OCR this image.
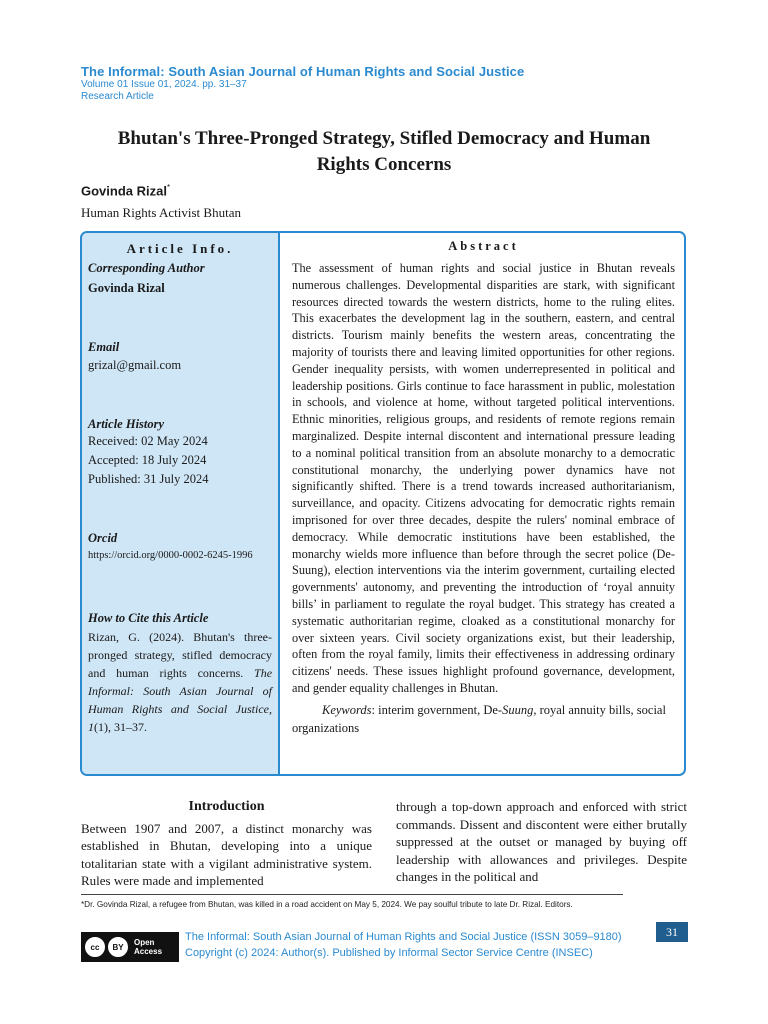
The Informal: South Asian Journal of Human Rights and Social Justice
Volume 01 Issue 01, 2024. pp. 31–37
Research Article
Bhutan's Three-Pronged Strategy, Stifled Democracy and Human Rights Concerns
Govinda Rizal*
Human Rights Activist Bhutan
Article Info.
Corresponding Author
Govinda Rizal
Email
grizal@gmail.com
Article History
Received: 02 May 2024
Accepted: 18 July 2024
Published: 31 July 2024
Orcid
https://orcid.org/0000-0002-6245-1996
How to Cite this Article
Rizan, G. (2024). Bhutan's three-pronged strategy, stifled democracy and human rights concerns. The Informal: South Asian Journal of Human Rights and Social Justice, 1(1), 31–37.
Abstract

The assessment of human rights and social justice in Bhutan reveals numerous challenges. Developmental disparities are stark, with significant resources directed towards the western districts, home to the ruling elites. This exacerbates the development lag in the southern, eastern, and central districts. Tourism mainly benefits the western areas, concentrating the majority of tourists there and leaving limited opportunities for other regions. Gender inequality persists, with women underrepresented in political and leadership positions. Girls continue to face harassment in public, molestation in schools, and violence at home, without targeted political interventions. Ethnic minorities, religious groups, and residents of remote regions remain marginalized. Despite internal discontent and international pressure leading to a nominal political transition from an absolute monarchy to a democratic constitutional monarchy, the underlying power dynamics have not significantly shifted. There is a trend towards increased authoritarianism, surveillance, and opacity. Citizens advocating for democratic rights remain imprisoned for over three decades, despite the rulers' nominal embrace of democracy. While democratic institutions have been established, the monarchy wields more influence than before through the secret police (De-Suung), election interventions via the interim government, curtailing elected governments' autonomy, and preventing the introduction of ‘royal annuity bills’ in parliament to regulate the royal budget. This strategy has created a systematic authoritarian regime, cloaked as a constitutional monarchy for over sixteen years. Civil society organizations exist, but their leadership, often from the royal family, limits their effectiveness in addressing ordinary citizens' needs. These issues highlight profound governance, development, and gender equality challenges in Bhutan.

Keywords: interim government, De-Suung, royal annuity bills, social organizations
Introduction
Between 1907 and 2007, a distinct monarchy was established in Bhutan, developing into a unique totalitarian state with a vigilant administrative system. Rules were made and implemented
through a top-down approach and enforced with strict commands. Dissent and discontent were either brutally suppressed at the outset or managed by buying off leadership with allowances and privileges. Despite changes in the political and
*Dr. Govinda Rizal, a refugee from Bhutan, was killed in a road accident on May 5, 2024. We pay soulful tribute to late Dr. Rizal. Editors.
cc BY Open
Access
The Informal: South Asian Journal of Human Rights and Social Justice (ISSN 3059–9180)
Copyright (c) 2024: Author(s). Published by Informal Sector Service Centre (INSEC)
31
